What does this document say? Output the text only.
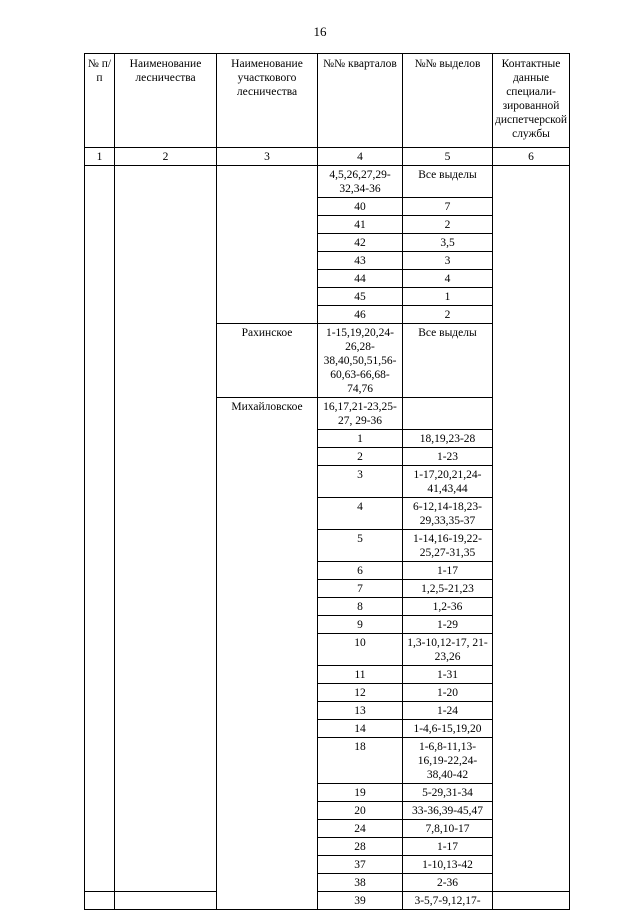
16
№ п/п	Наименование лесничества	Наименование участкового лесничества	№№ кварталов	№№ выделов	Контактные данные специали-зированной диспетчерской службы
1	2	3	4	5	6
			4,5,26,27,29-32,34-36	Все выделы	
			40	7	
			41	2	
			42	3,5	
			43	3	
			44	4	
			45	1	
			46	2	
		Рахинское	1-15,19,20,24-26,28-38,40,50,51,56-60,63-66,68-74,76	Все выделы	
		Михайловское	16,17,21-23,25-27, 29-36		
			1	18,19,23-28	
			2	1-23	
			3	1-17,20,21,24-41,43,44	
			4	6-12,14-18,23-29,33,35-37	
			5	1-14,16-19,22-25,27-31,35	
			6	1-17	
			7	1,2,5-21,23	
			8	1,2-36	
			9	1-29	
			10	1,3-10,12-17, 21-23,26	
			11	1-31	
			12	1-20	
			13	1-24	
			14	1-4,6-15,19,20	
			18	1-6,8-11,13-16,19-22,24-38,40-42	
			19	5-29,31-34	
			20	33-36,39-45,47	
			24	7,8,10-17	
			28	1-17	
			37	1-10,13-42	
			38	2-36	
			39	3-5,7-9,12,17-	
